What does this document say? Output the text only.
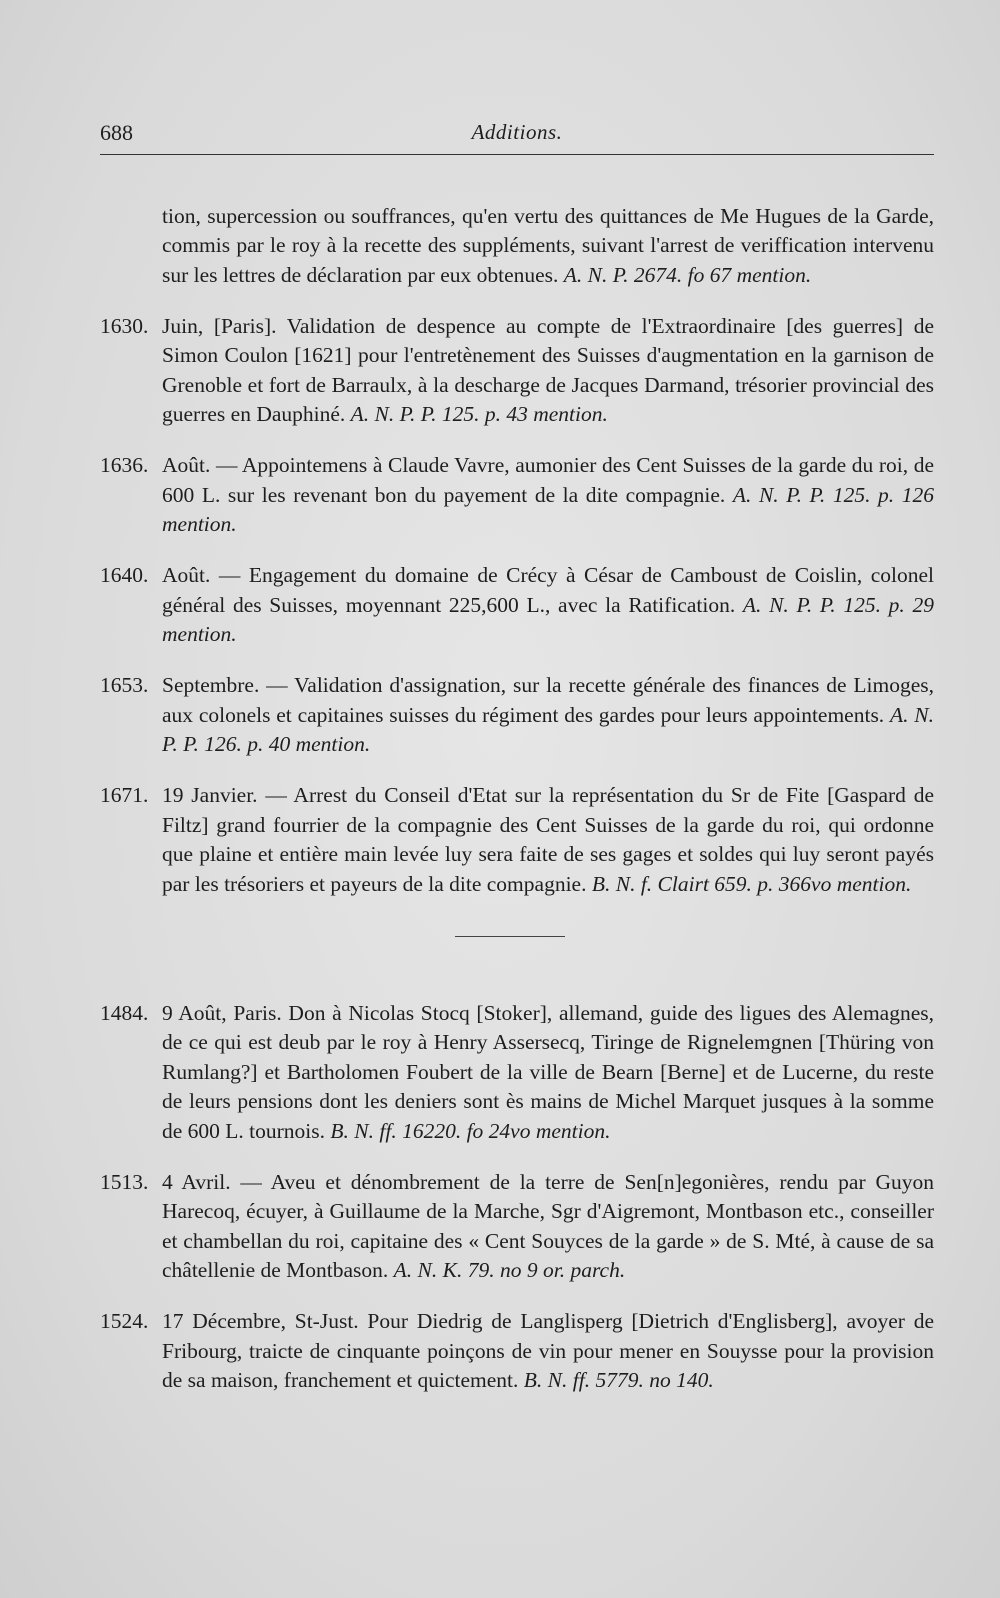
688	Additions.

tion, supercession ou souffrances, qu'en vertu des quittances de Me Hugues de la Garde, commis par le roy à la recette des suppléments, suivant l'arrest de veriffication intervenu sur les lettres de déclaration par eux obtenues. A. N. P. 2674. fo 67 mention.

1630. Juin, [Paris]. Validation de despence au compte de l'Extraordinaire [des guerres] de Simon Coulon [1621] pour l'entretènement des Suisses d'augmentation en la garnison de Grenoble et fort de Barraulx, à la descharge de Jacques Darmand, trésorier provincial des guerres en Dauphiné. A. N. P. P. 125. p. 43 mention.

1636. Août. — Appointemens à Claude Vavre, aumonier des Cent Suisses de la garde du roi, de 600 L. sur les revenant bon du payement de la dite compagnie. A. N. P. P. 125. p. 126 mention.

1640. Août. — Engagement du domaine de Crécy à César de Camboust de Coislin, colonel général des Suisses, moyennant 225,600 L., avec la Ratification. A. N. P. P. 125. p. 29 mention.

1653. Septembre. — Validation d'assignation, sur la recette générale des finances de Limoges, aux colonels et capitaines suisses du régiment des gardes pour leurs appointements. A. N. P. P. 126. p. 40 mention.

1671. 19 Janvier. — Arrest du Conseil d'Etat sur la représentation du Sr de Fite [Gaspard de Filtz] grand fourrier de la compagnie des Cent Suisses de la garde du roi, qui ordonne que plaine et entière main levée luy sera faite de ses gages et soldes qui luy seront payés par les trésoriers et payeurs de la dite compagnie. B. N. f. Clairt 659. p. 366vo mention.

1484. 9 Août, Paris. Don à Nicolas Stocq [Stoker], allemand, guide des ligues des Alemagnes, de ce qui est deub par le roy à Henry Assersecq, Tiringe de Rignelemgnen [Thüring von Rumlang?] et Bartholomen Foubert de la ville de Bearn [Berne] et de Lucerne, du reste de leurs pensions dont les deniers sont ès mains de Michel Marquet jusques à la somme de 600 L. tournois. B. N. ff. 16220. fo 24vo mention.

1513. 4 Avril. — Aveu et dénombrement de la terre de Sen[n]egonières, rendu par Guyon Harecoq, écuyer, à Guillaume de la Marche, Sgr d'Aigremont, Montbason etc., conseiller et chambellan du roi, capitaine des « Cent Souyces de la garde » de S. Mté, à cause de sa châtellenie de Montbason. A. N. K. 79. no 9 or. parch.

1524. 17 Décembre, St-Just. Pour Diedrig de Langlisperg [Dietrich d'Englisberg], avoyer de Fribourg, traicte de cinquante poinçons de vin pour mener en Souysse pour la provision de sa maison, franchement et quictement. B. N. ff. 5779. no 140.
